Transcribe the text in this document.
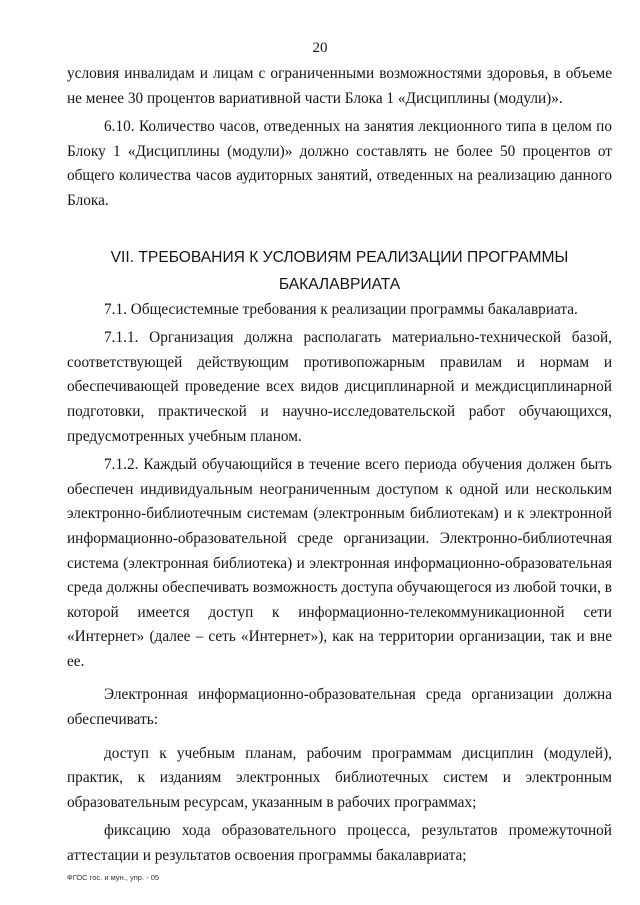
20

условия инвалидам и лицам с ограниченными возможностями здоровья, в объеме не менее 30 процентов вариативной части Блока 1 «Дисциплины (модули)».

6.10. Количество часов, отведенных на занятия лекционного типа в целом по Блоку 1 «Дисциплины (модули)» должно составлять не более 50 процентов от общего количества часов аудиторных занятий, отведенных на реализацию данного Блока.

VII. ТРЕБОВАНИЯ К УСЛОВИЯМ РЕАЛИЗАЦИИ ПРОГРАММЫ
БАКАЛАВРИАТА

7.1. Общесистемные требования к реализации программы бакалавриата.

7.1.1. Организация должна располагать материально-технической базой, соответствующей действующим противопожарным правилам и нормам и обеспечивающей проведение всех видов дисциплинарной и междисциплинарной подготовки, практической и научно-исследовательской работ обучающихся, предусмотренных учебным планом.

7.1.2. Каждый обучающийся в течение всего периода обучения должен быть обеспечен индивидуальным неограниченным доступом к одной или нескольким электронно-библиотечным системам (электронным библиотекам) и к электронной информационно-образовательной среде организации. Электронно-библиотечная система (электронная библиотека) и электронная информационно-образовательная среда должны обеспечивать возможность доступа обучающегося из любой точки, в которой имеется доступ к информационно-телекоммуникационной сети «Интернет» (далее – сеть «Интернет»), как на территории организации, так и вне ее.

Электронная информационно-образовательная среда организации должна обеспечивать:

доступ к учебным планам, рабочим программам дисциплин (модулей), практик, к изданиям электронных библиотечных систем и электронным образовательным ресурсам, указанным в рабочих программах;

фиксацию хода образовательного процесса, результатов промежуточной аттестации и результатов освоения программы бакалавриата;

ФГОС гос. и мун., упр. - 05
